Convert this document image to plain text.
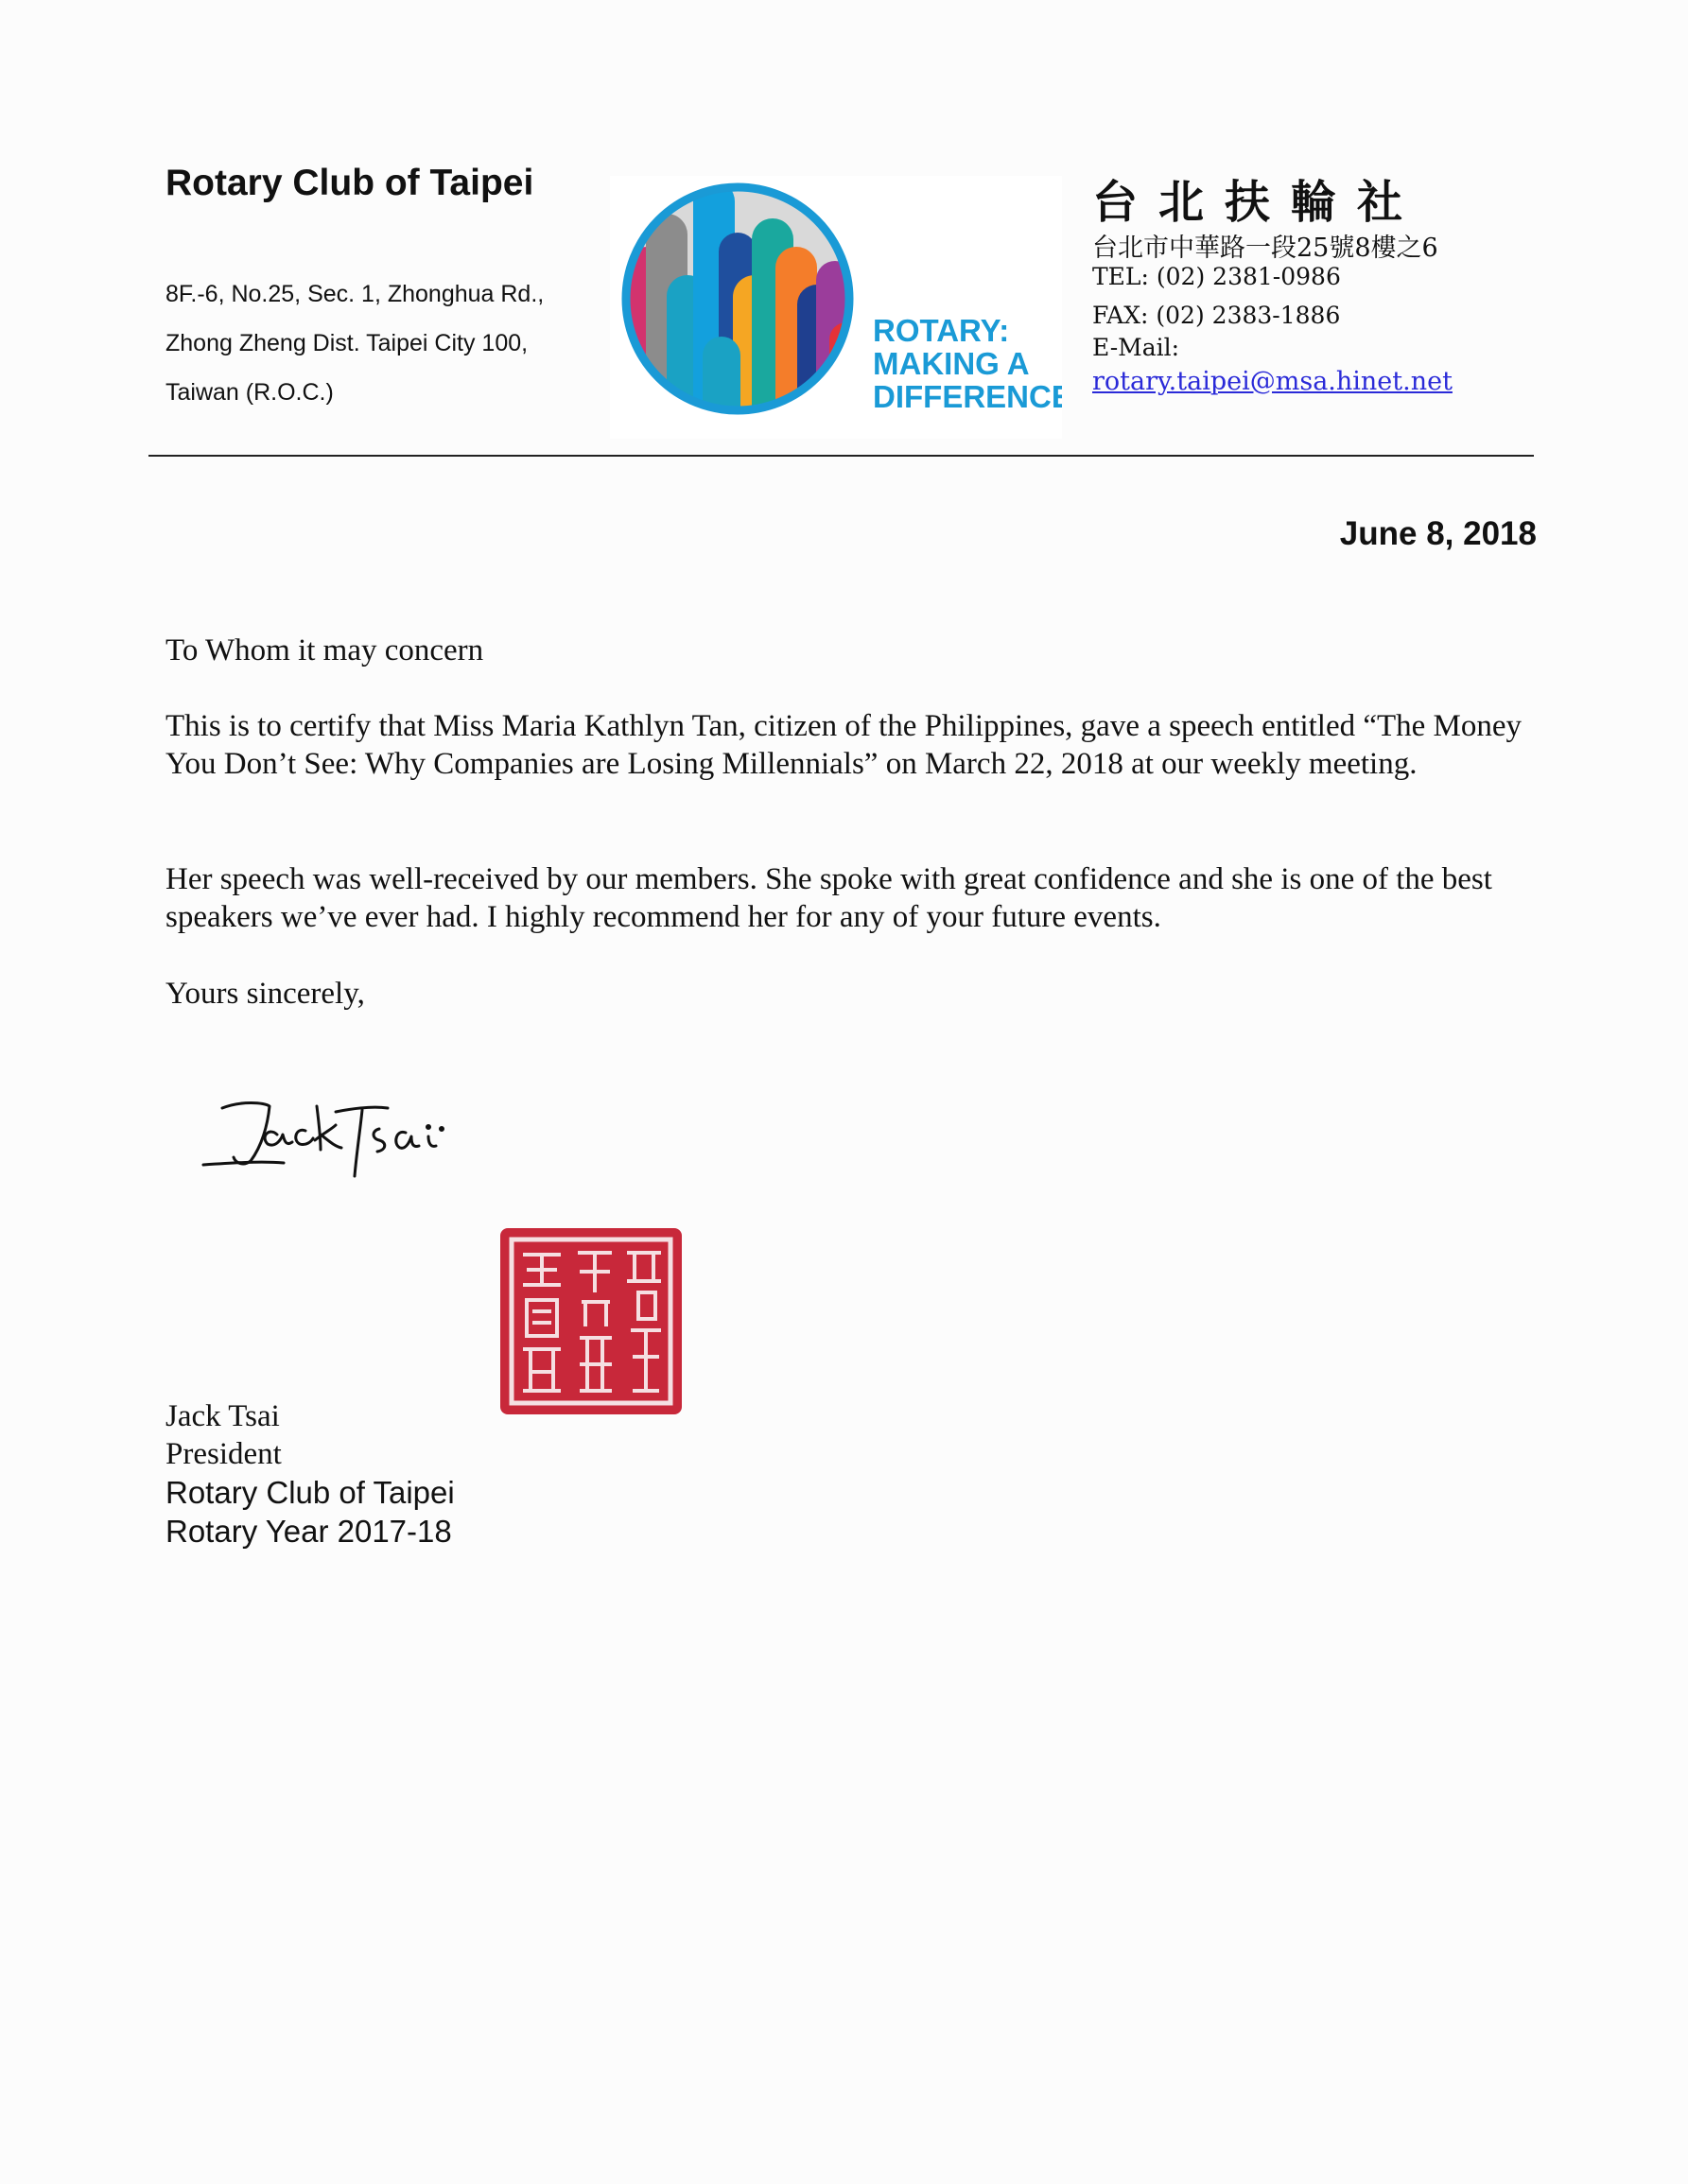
Rotary Club of Taipei
8F.-6, No.25, Sec. 1, Zhonghua Rd.,
Zhong Zheng Dist. Taipei City 100,
Taiwan (R.O.C.)
ROTARY:
MAKING A
DIFFERENCE
台北扶輪社
台北市中華路一段25號8樓之6
TEL: (02) 2381-0986
FAX: (02) 2383-1886
E-Mail:
rotary.taipei@msa.hinet.net
June 8, 2018
To Whom it may concern
This is to certify that Miss Maria Kathlyn Tan, citizen of the Philippines, gave a speech entitled “The Money You Don’t See: Why Companies are Losing Millennials” on March 22, 2018 at our weekly meeting.
Her speech was well-received by our members. She spoke with great confidence and she is one of the best speakers we’ve ever had. I highly recommend her for any of your future events.
Yours sincerely,
Jack Tsai
President
Rotary Club of Taipei
Rotary Year 2017-18
